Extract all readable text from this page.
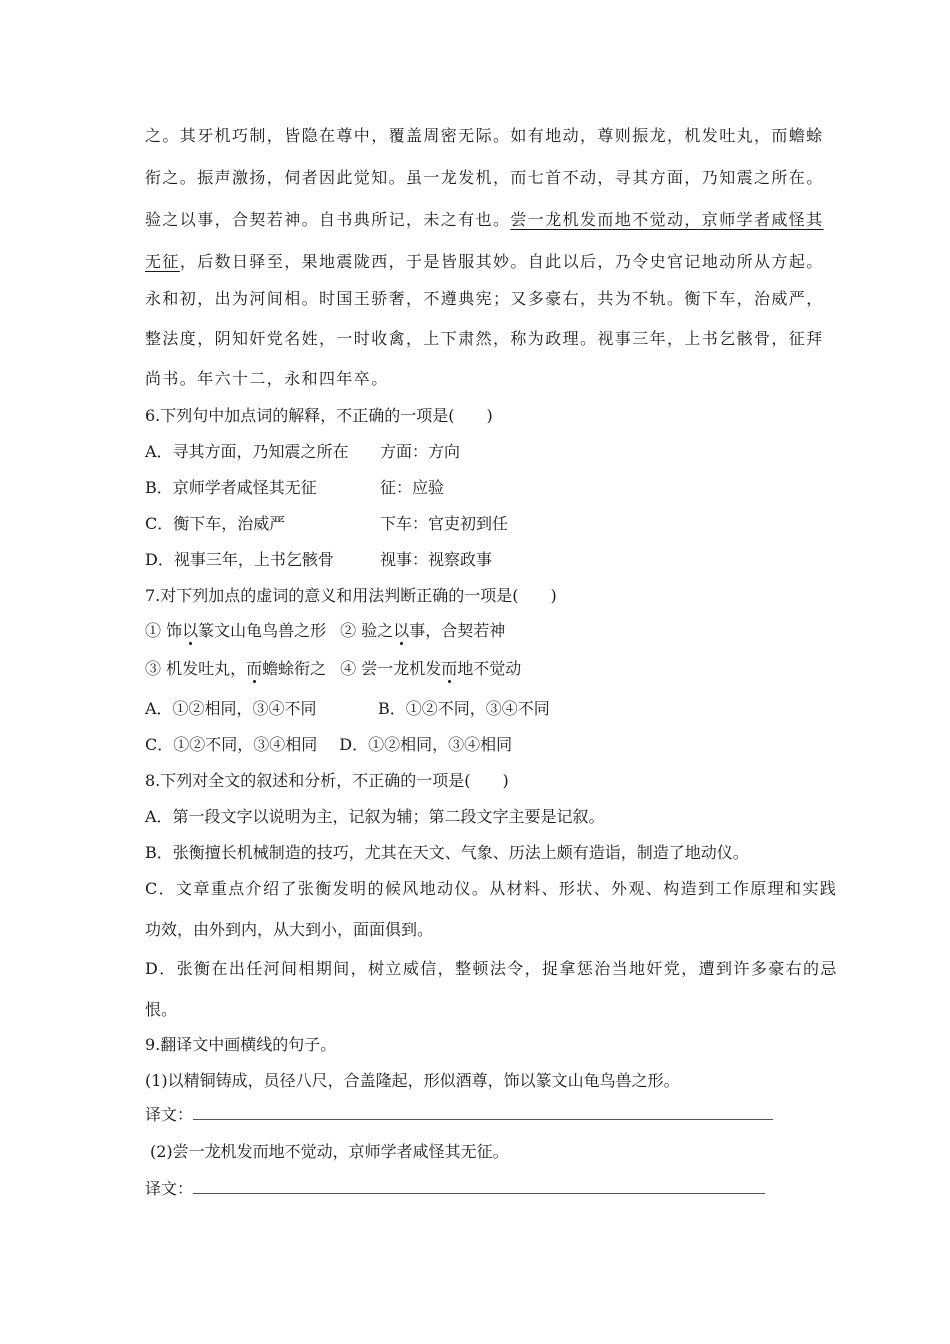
之。其牙机巧制，皆隐在尊中，覆盖周密无际。如有地动，尊则振龙，机发吐丸，而蟾蜍
衔之。振声激扬，伺者因此觉知。虽一龙发机，而七首不动，寻其方面，乃知震之所在。
验之以事，合契若神。自书典所记，未之有也。尝一龙机发而地不觉动，京师学者咸怪其
无征，后数日驿至，果地震陇西，于是皆服其妙。自此以后，乃令史官记地动所从方起。
永和初，出为河间相。时国王骄奢，不遵典宪；又多豪右，共为不轨。衡下车，治威严，
整法度，阴知奸党名姓，一时收禽，上下肃然，称为政理。视事三年，上书乞骸骨，征拜
尚书。年六十二，永和四年卒。
6.下列句中加点词的解释，不正确的一项是(　　)
A．寻其方面，乃知震之所在 方面：方向
B．京师学者咸怪其无征	征：应验
C．衡下车，治威严	下车：官吏初到任
D．视事三年，上书乞骸骨	视事：视察政事
7.对下列加点的虚词的意义和用法判断正确的一项是(　　)
① 饰以篆文山龟鸟兽之形 ② 验之以事，合契若神
③ 机发吐丸，而蟾蜍衔之 ④ 尝一龙机发而地不觉动
A．①②相同，③④不同	B．①②不同，③④不同
C．①②不同，③④相同 D．①②相同，③④相同
8.下列对全文的叙述和分析，不正确的一项是(　　)
A．第一段文字以说明为主，记叙为辅；第二段文字主要是记叙。
B．张衡擅长机械制造的技巧，尤其在天文、气象、历法上颇有造诣，制造了地动仪。
C．文章重点介绍了张衡发明的候风地动仪。从材料、形状、外观、构造到工作原理和实践
功效，由外到内，从大到小，面面俱到。
D．张衡在出任河间相期间，树立威信，整顿法令，捉拿惩治当地奸党，遭到许多豪右的忌
恨。
9.翻译文中画横线的句子。
(1)以精铜铸成，员径八尺，合盖隆起，形似酒尊，饰以篆文山龟鸟兽之形。
译文：
(2)尝一龙机发而地不觉动，京师学者咸怪其无征。
译文：
